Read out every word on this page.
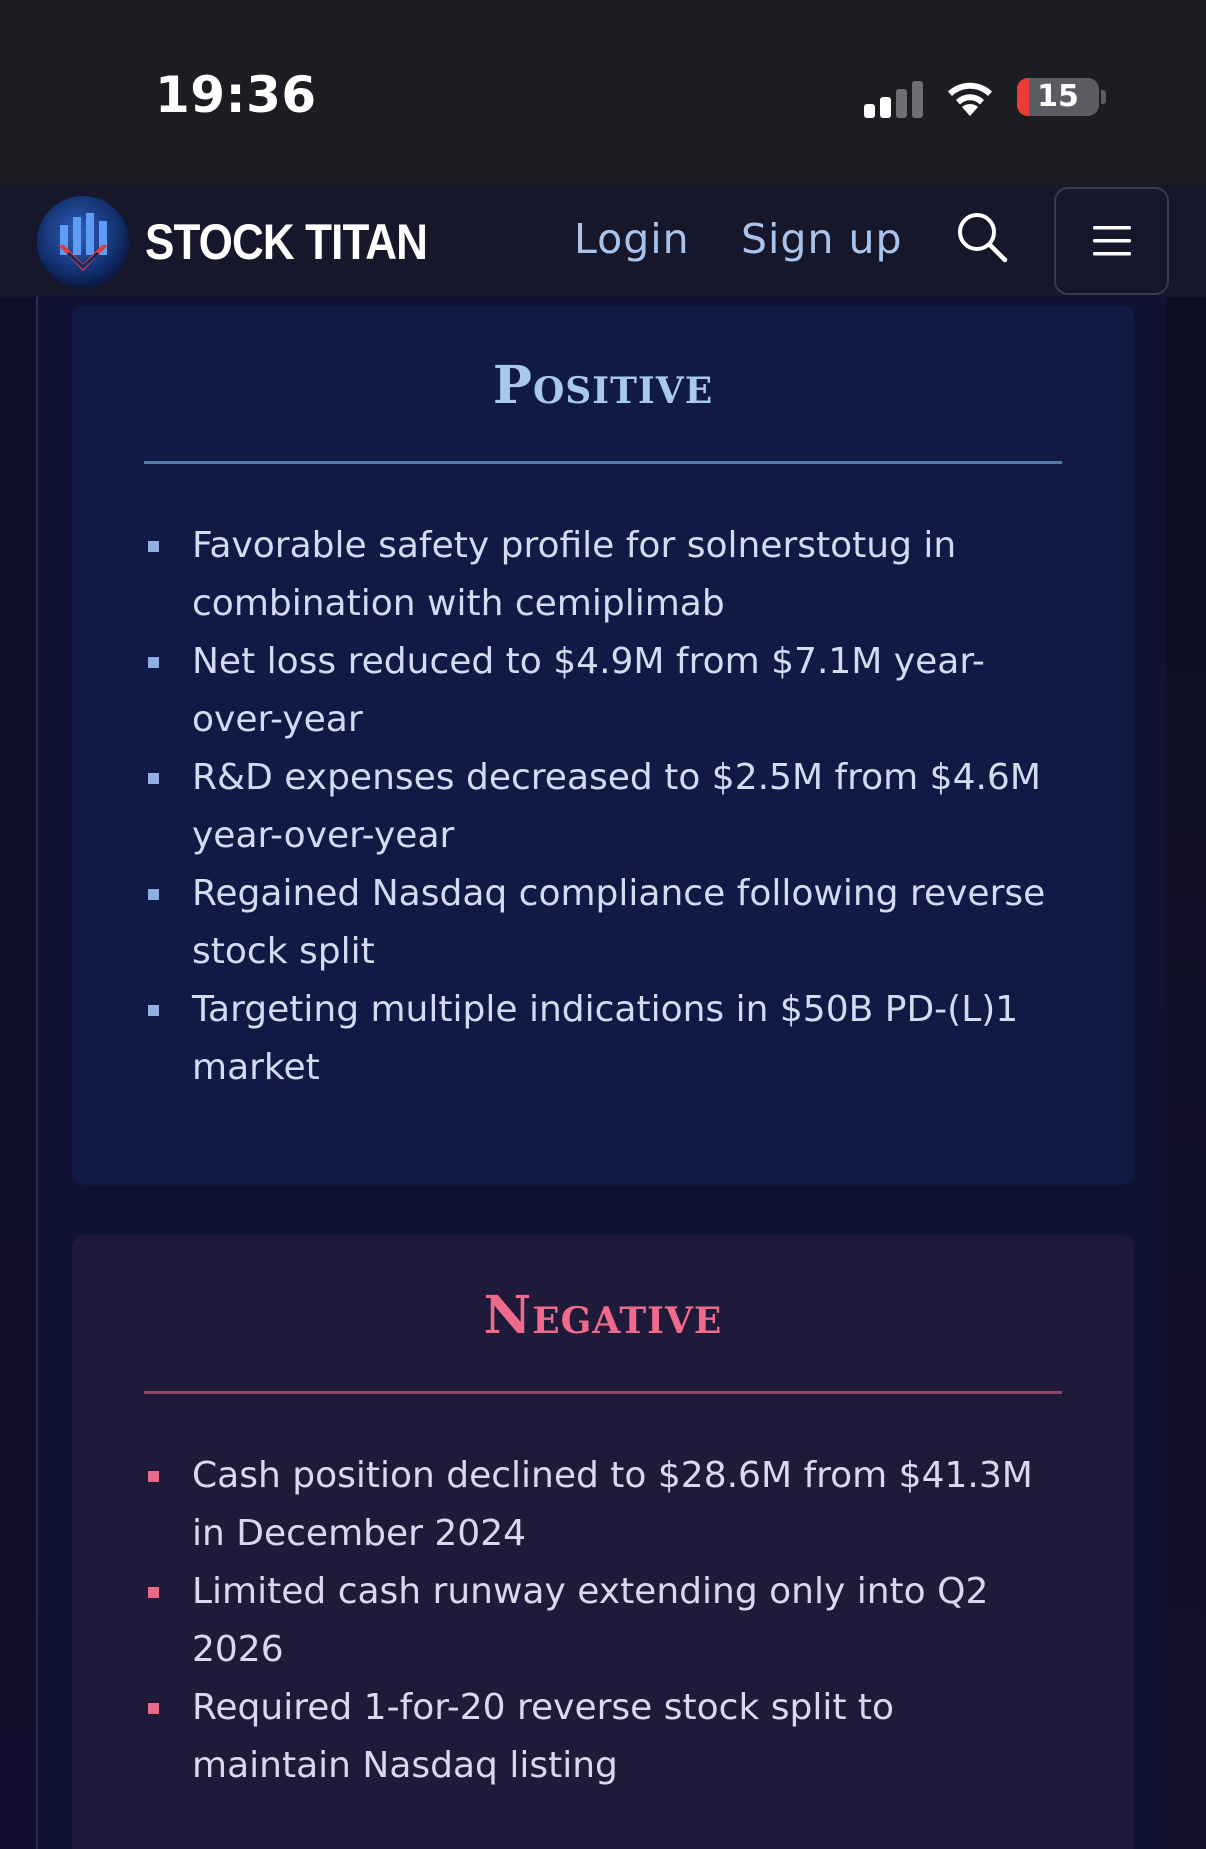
19:36	15
STOCK TITAN	Login Sign up
Positive
Favorable safety profile for solnerstotug in combination with cemiplimab
Net loss reduced to $4.9M from $7.1M year-over-year
R&D expenses decreased to $2.5M from $4.6M year-over-year
Regained Nasdaq compliance following reverse stock split
Targeting multiple indications in $50B PD-(L)1 market
Negative
Cash position declined to $28.6M from $41.3M in December 2024
Limited cash runway extending only into Q2 2026
Required 1-for-20 reverse stock split to maintain Nasdaq listing
